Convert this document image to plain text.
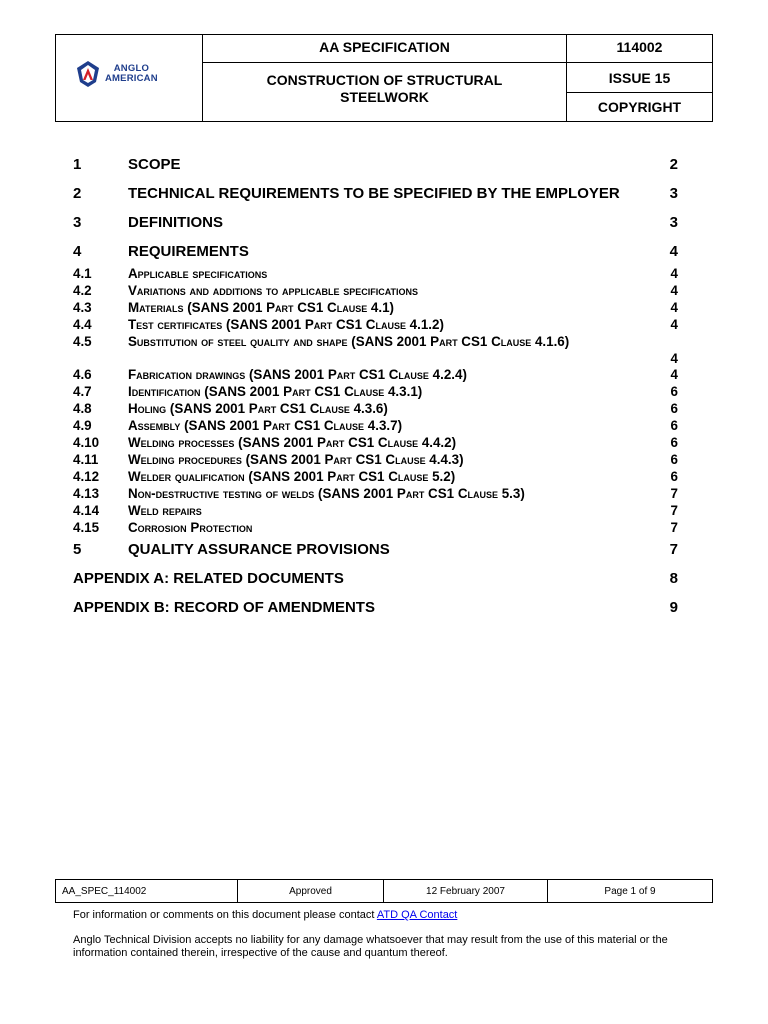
ANGLO
AMERICAN
AA SPECIFICATION
CONSTRUCTION OF STRUCTURAL
STEELWORK
114002
ISSUE 15
COPYRIGHT
1	SCOPE	2
2	TECHNICAL REQUIREMENTS TO BE SPECIFIED BY THE EMPLOYER	3
3	DEFINITIONS	3
4	REQUIREMENTS	4
4.1	Applicable specifications	4
4.2	Variations and additions to applicable specifications	4
4.3	Materials (SANS 2001 Part CS1 Clause 4.1)	4
4.4	Test certificates (SANS 2001 Part CS1 Clause 4.1.2)	4
4.5	Substitution of steel quality and shape (SANS 2001 Part CS1 Clause 4.1.6)
4
4.6	Fabrication drawings (SANS 2001 Part CS1 Clause 4.2.4)	4
4.7	Identification (SANS 2001 Part CS1 Clause 4.3.1)	6
4.8	Holing (SANS 2001 Part CS1 Clause 4.3.6)	6
4.9	Assembly (SANS 2001 Part CS1 Clause 4.3.7)	6
4.10 Welding processes (SANS 2001 Part CS1 Clause 4.4.2)	6
4.11 Welding procedures (SANS 2001 Part CS1 Clause 4.4.3)	6
4.12 Welder qualification (SANS 2001 Part CS1 Clause 5.2)	6
4.13 Non-destructive testing of welds (SANS 2001 Part CS1 Clause 5.3)	7
4.14 Weld repairs	7
4.15 Corrosion Protection	7
5	QUALITY ASSURANCE PROVISIONS	7
APPENDIX A: RELATED DOCUMENTS	8
APPENDIX B: RECORD OF AMENDMENTS	9
AA_SPEC_114002	Approved	12 February 2007	Page 1 of 9
For information or comments on this document please contact ATD QA Contact
Anglo Technical Division accepts no liability for any damage whatsoever that may result from the use of this material or the information contained therein, irrespective of the cause and quantum thereof.
